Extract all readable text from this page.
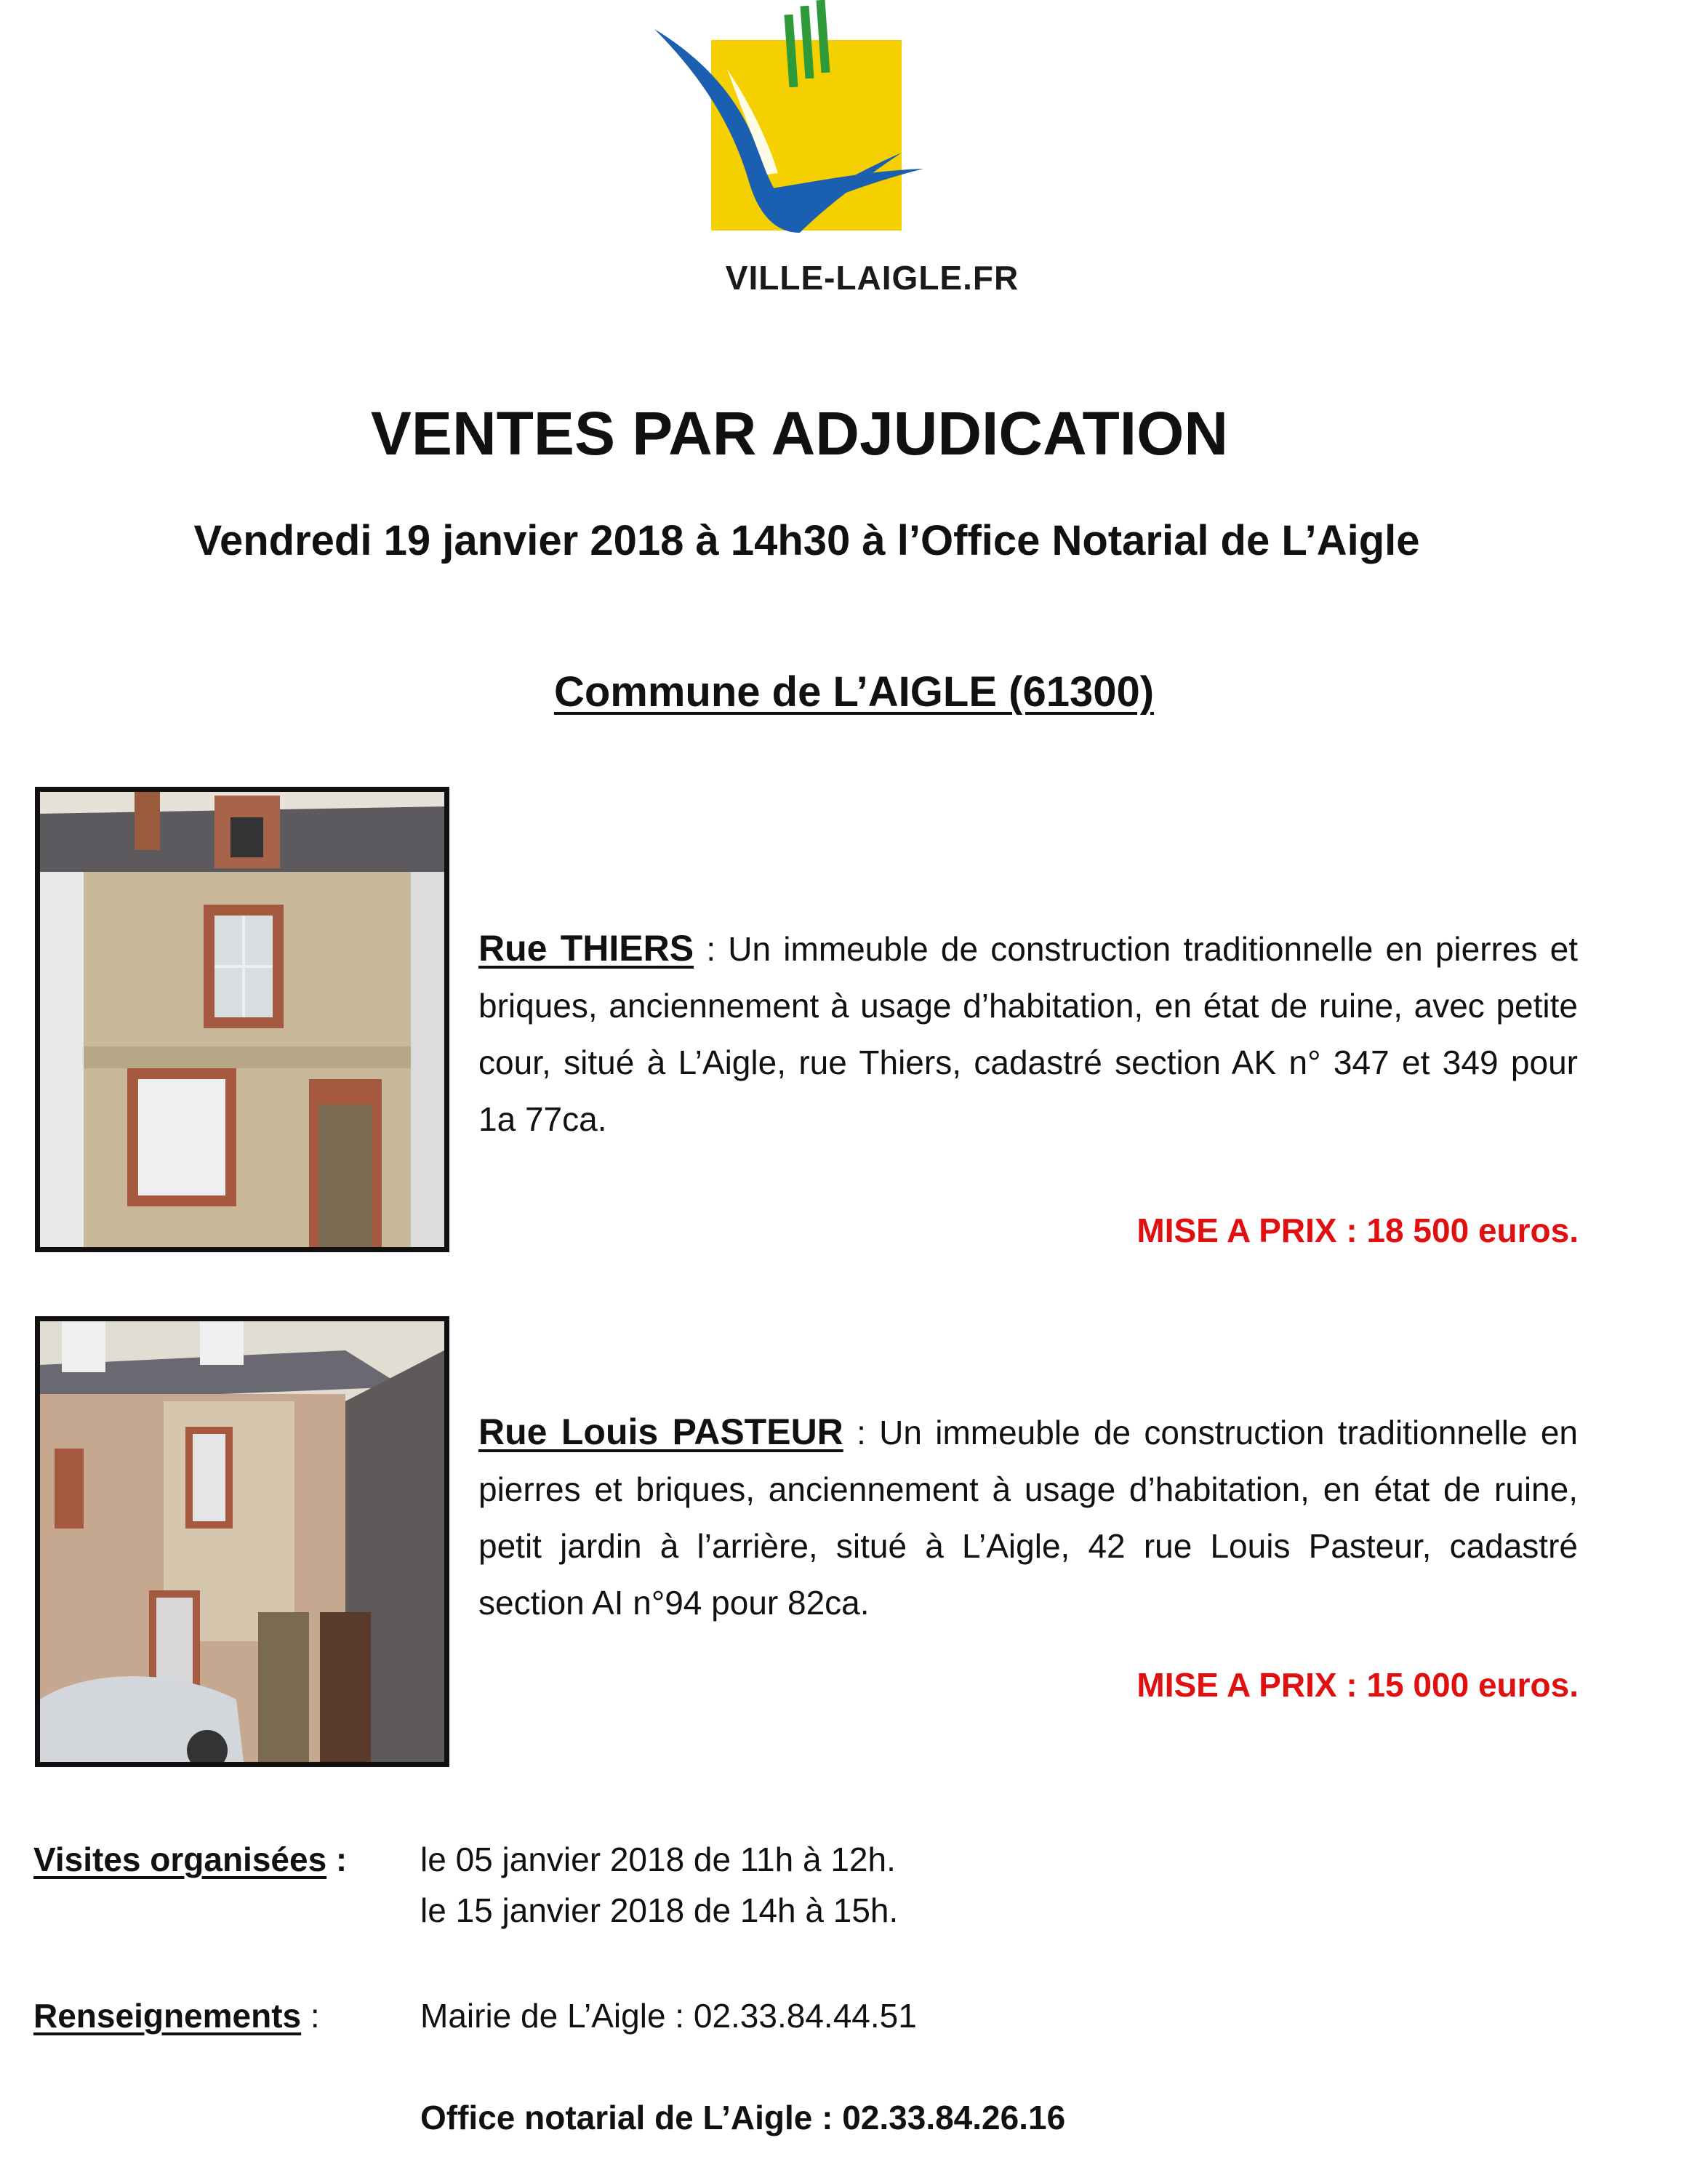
VILLE-LAIGLE.FR
VENTES PAR ADJUDICATION
Vendredi 19 janvier 2018 à 14h30 à l’Office Notarial de L’Aigle
Commune de L’AIGLE (61300)
Rue THIERS : Un immeuble de construction traditionnelle en pierres et briques, anciennement à usage d’habitation, en état de ruine, avec petite cour, situé à L’Aigle, rue Thiers, cadastré section AK n° 347 et 349 pour 1a 77ca.
MISE A PRIX : 18 500 euros.
Rue Louis PASTEUR : Un immeuble de construction traditionnelle en pierres et briques, anciennement à usage d’habitation, en état de ruine, petit jardin à l’arrière, situé à L’Aigle, 42 rue Louis Pasteur, cadastré section AI n°94 pour 82ca.
MISE A PRIX : 15 000 euros.
Visites organisées : le 05 janvier 2018 de 11h à 12h.
le 15 janvier 2018 de 14h à 15h.
Renseignements :	Mairie de L’Aigle : 02.33.84.44.51
Office notarial de L’Aigle : 02.33.84.26.16
